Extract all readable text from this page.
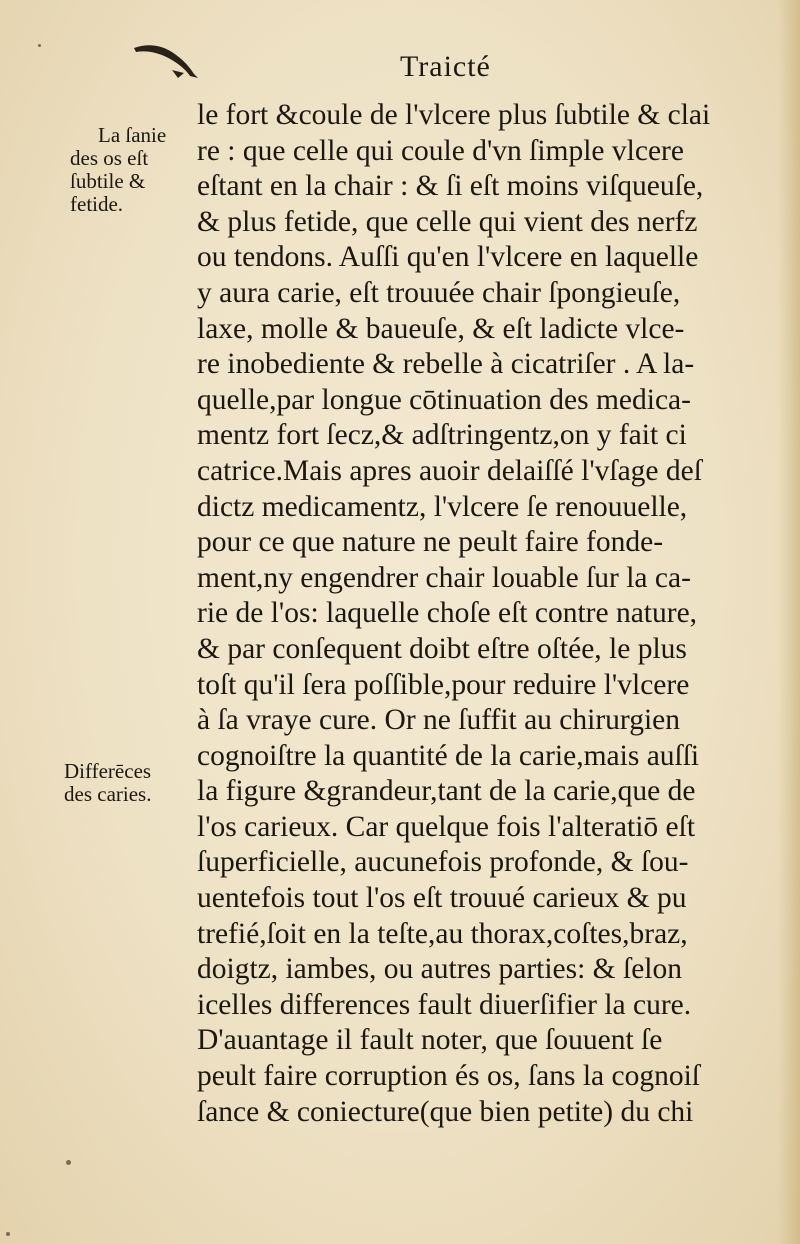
Traicté
le fort &coule de l'vlcere plus ſubtile & clai
re : que celle qui coule d'vn ſimple vlcere
eſtant en la chair : & ſi eſt moins viſqueuſe,
& plus fetide, que celle qui vient des nerfz
ou tendons. Auſſi qu'en l'vlcere en laquelle
y aura carie, eſt trouuée chair ſpongieuſe,
laxe, molle & baueuſe, & eſt ladicte vlce-
re inobediente & rebelle à cicatriſer . A la-
quelle,par longue cōtinuation des medica-
mentz fort ſecz,& adſtringentz,on y fait ci
catrice.Mais apres auoir delaiſſé l'vſage deſ
dictz medicamentz, l'vlcere ſe renouuelle,
pour ce que nature ne peult faire fonde-
ment,ny engendrer chair louable ſur la ca-
rie de l'os: laquelle choſe eſt contre nature,
& par conſequent doibt eſtre oſtée, le plus
toſt qu'il ſera poſſible,pour reduire l'vlcere
à ſa vraye cure. Or ne ſuffit au chirurgien
cognoiſtre la quantité de la carie,mais auſſi
la figure &grandeur,tant de la carie,que de
l'os carieux. Car quelque fois l'alteratiō eſt
ſuperficielle, aucunefois profonde, & ſou-
uentefois tout l'os eſt trouué carieux & pu
trefié,ſoit en la teſte,au thorax,coſtes,braz,
doigtz, iambes, ou autres parties: & ſelon
icelles differences fault diuerſifier la cure.
D'auantage il fault noter, que ſouuent ſe
peult faire corruption és os, ſans la cognoiſ
ſance & coniecture(que bien petite) du chi
La ſanie
des os eſt
ſubtile &
fetide.
Differēces
des caries.
